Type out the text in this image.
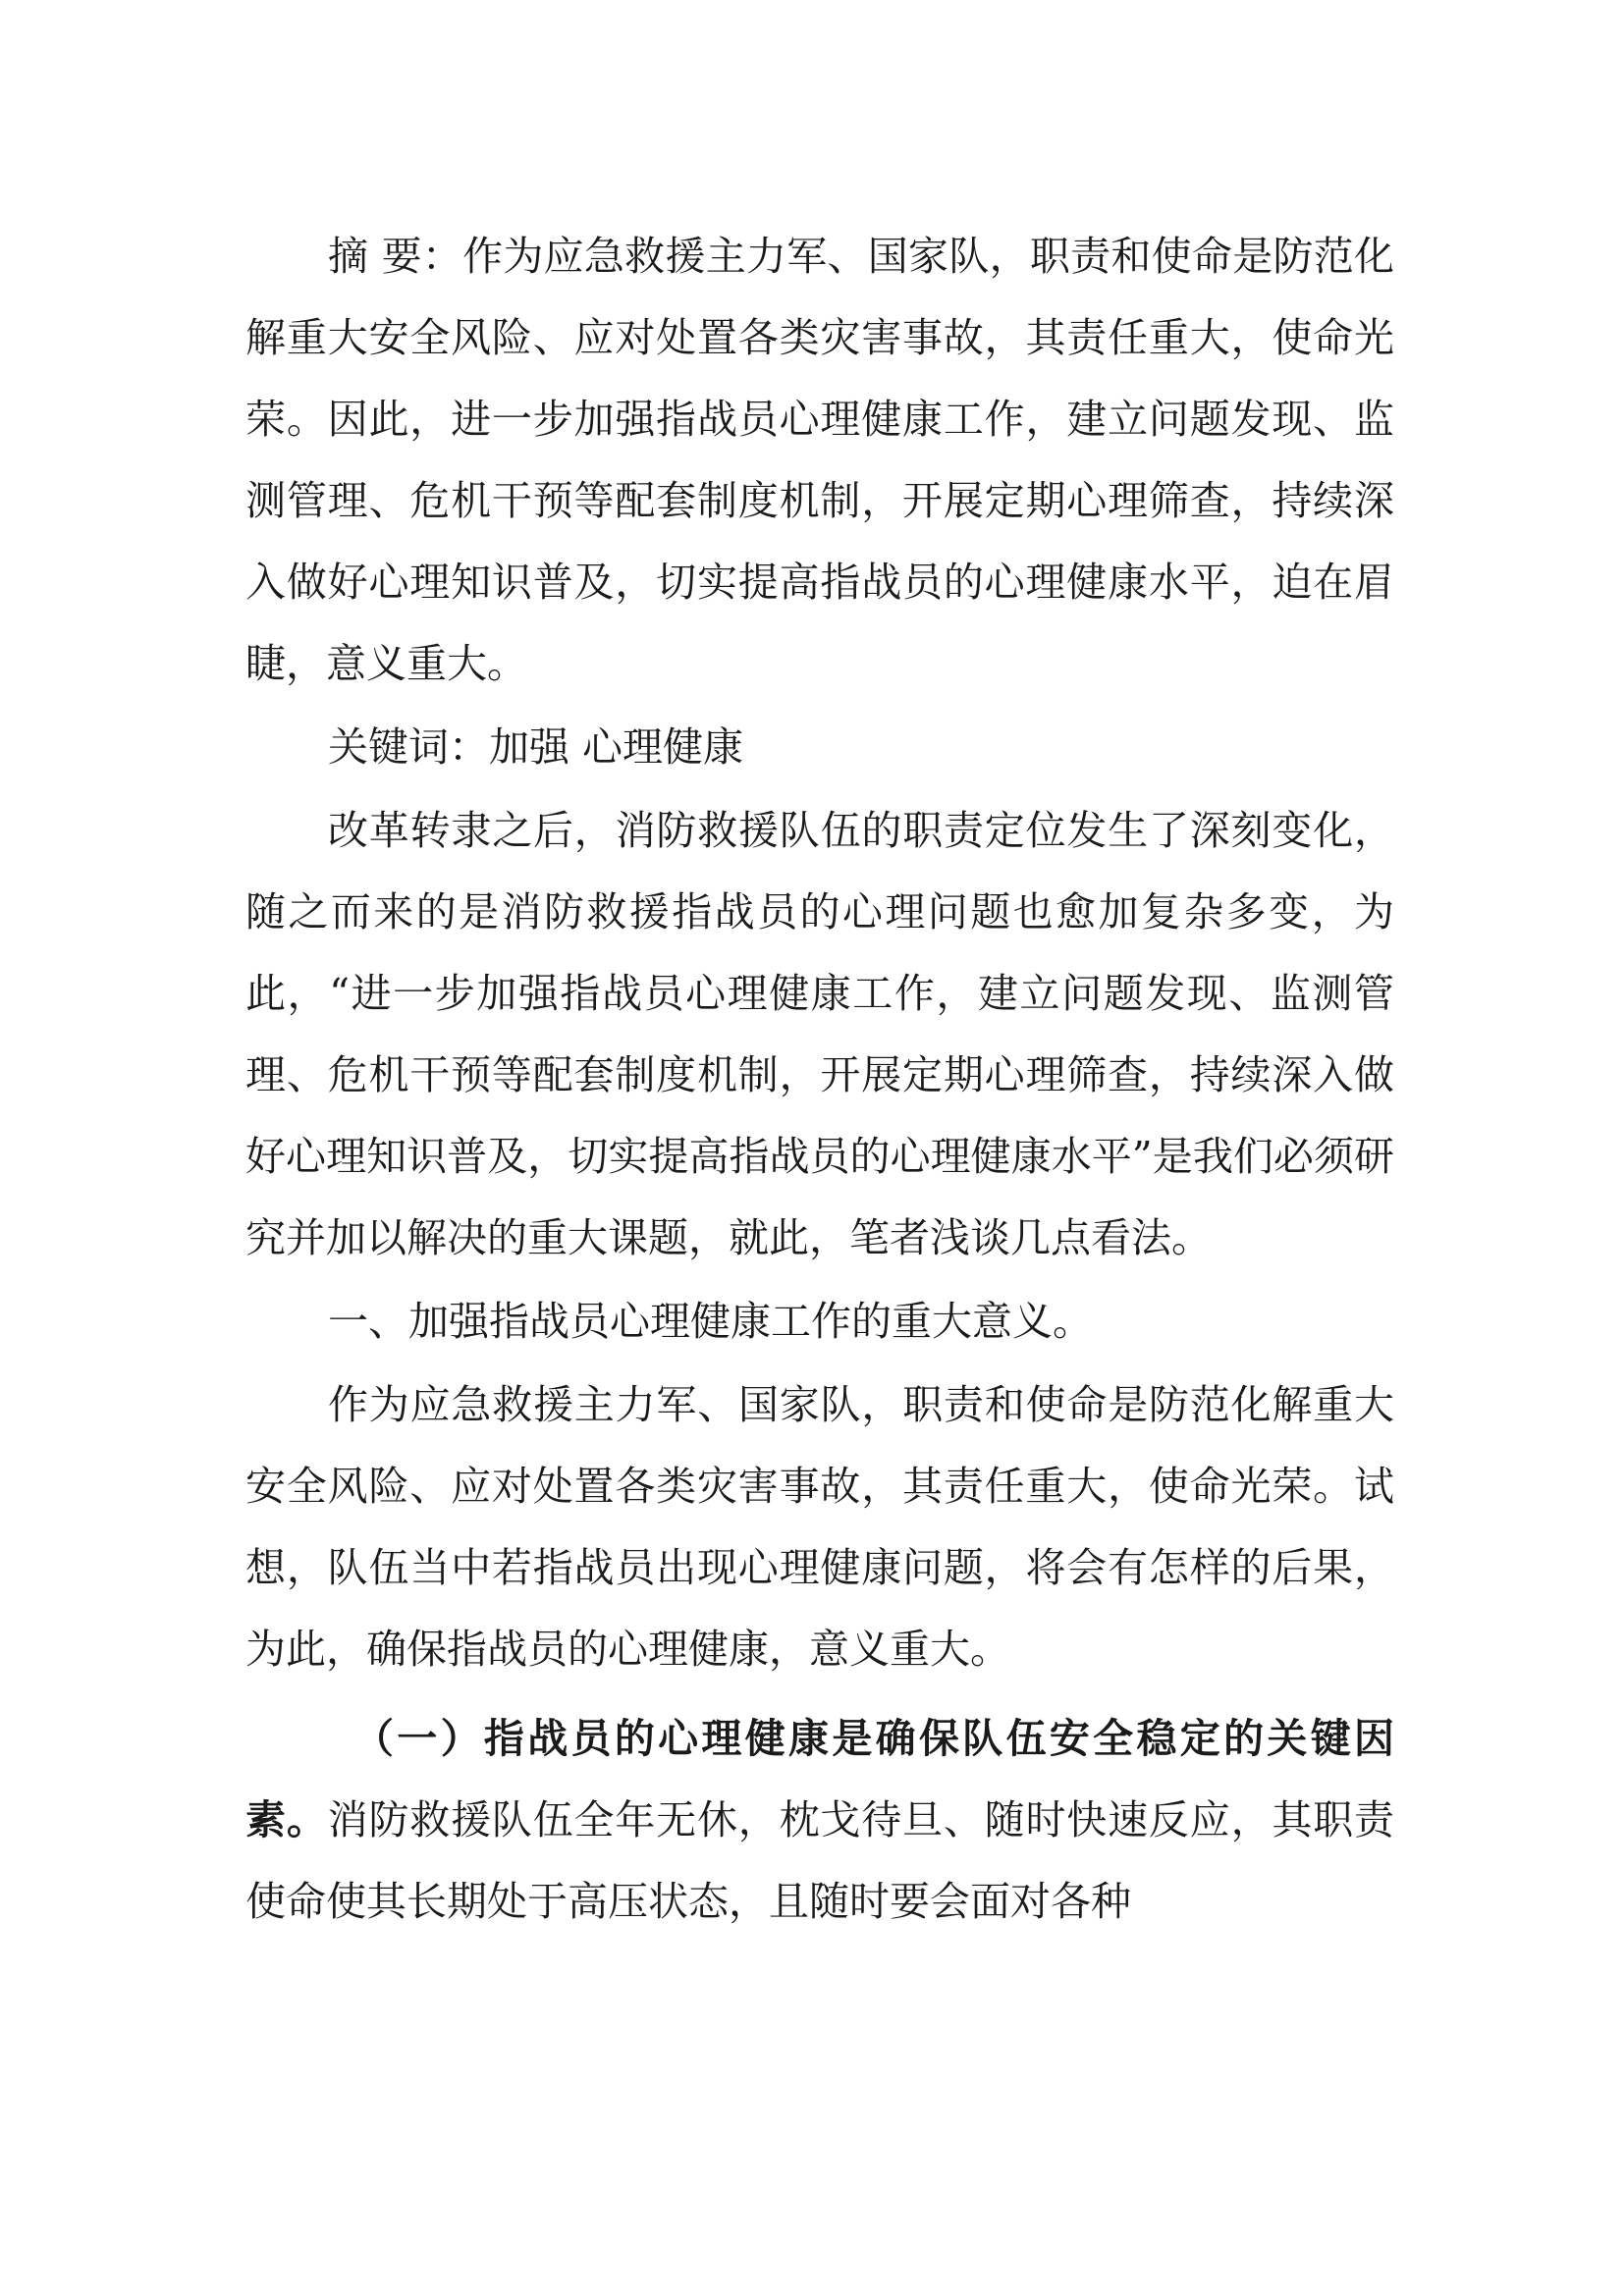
摘 要：作为应急救援主力军、国家队，职责和使命是防范化解重大安全风险、应对处置各类灾害事故，其责任重大，使命光荣。因此，进一步加强指战员心理健康工作，建立问题发现、监测管理、危机干预等配套制度机制，开展定期心理筛查，持续深入做好心理知识普及，切实提高指战员的心理健康水平，迫在眉睫，意义重大。

关键词：加强 心理健康

改革转隶之后，消防救援队伍的职责定位发生了深刻变化，随之而来的是消防救援指战员的心理问题也愈加复杂多变，为此，“进一步加强指战员心理健康工作，建立问题发现、监测管理、危机干预等配套制度机制，开展定期心理筛查，持续深入做好心理知识普及，切实提高指战员的心理健康水平”是我们必须研究并加以解决的重大课题，就此，笔者浅谈几点看法。

一、加强指战员心理健康工作的重大意义。

作为应急救援主力军、国家队，职责和使命是防范化解重大安全风险、应对处置各类灾害事故，其责任重大，使命光荣。试想，队伍当中若指战员出现心理健康问题，将会有怎样的后果，为此，确保指战员的心理健康，意义重大。

（一）指战员的心理健康是确保队伍安全稳定的关键因素。消防救援队伍全年无休，枕戈待旦、随时快速反应，其职责使命使其长期处于高压状态，且随时要会面对各种
